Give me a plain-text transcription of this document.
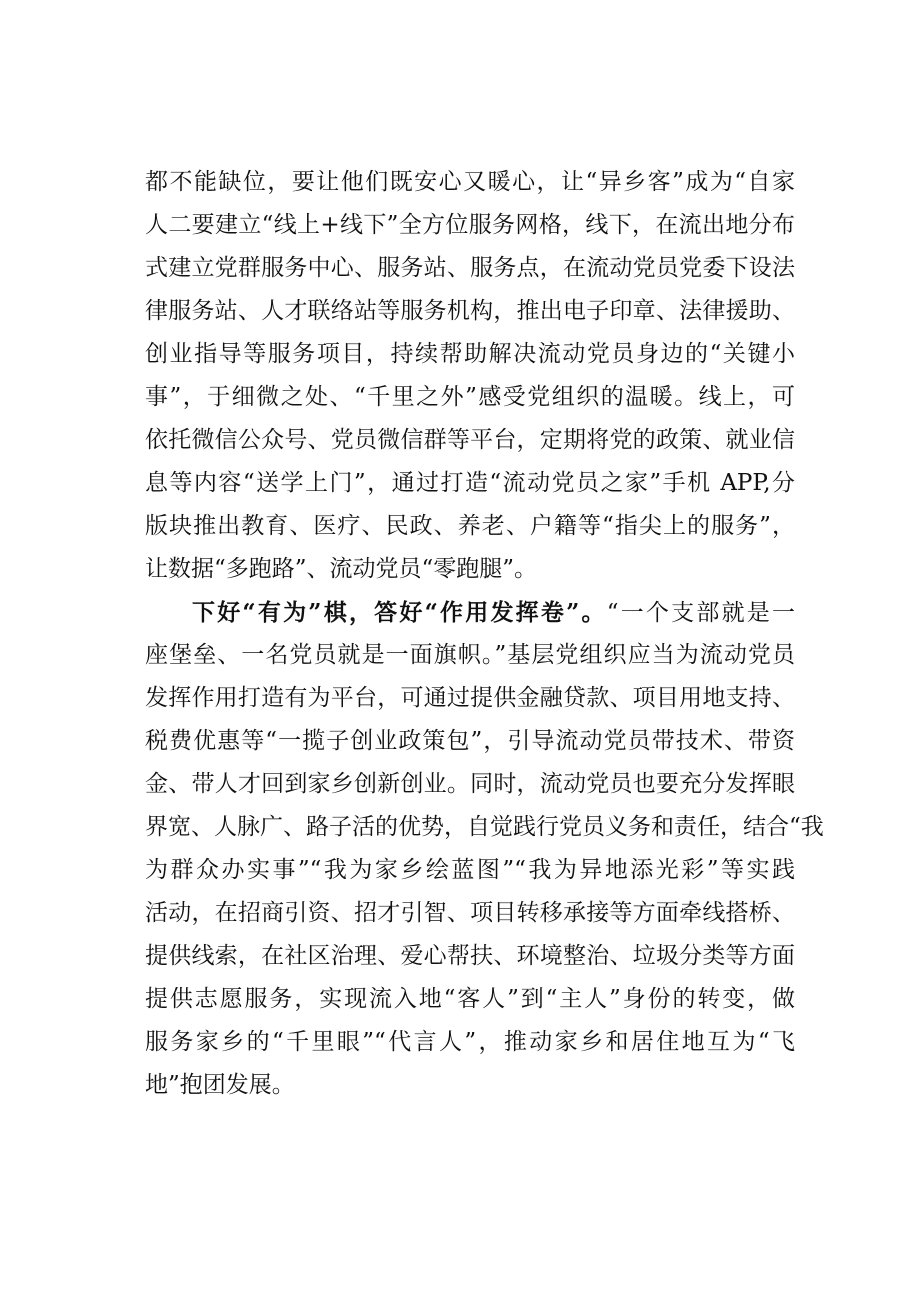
都不能缺位，要让他们既安心又暖心，让“异乡客”成为“自家
人二要建立“线上+线下”全方位服务网格，线下，在流出地分布
式建立党群服务中心、服务站、服务点，在流动党员党委下设法
律服务站、人才联络站等服务机构，推出电子印章、法律援助、
创业指导等服务项目，持续帮助解决流动党员身边的“关键小
事”，于细微之处、“千里之外”感受党组织的温暖。线上，可
依托微信公众号、党员微信群等平台，定期将党的政策、就业信
息等内容“送学上门”，通过打造“流动党员之家”手机 APP,分
版块推出教育、医疗、民政、养老、户籍等“指尖上的服务”，
让数据“多跑路”、流动党员“零跑腿”。
下好“有为”棋，答好“作用发挥卷”。“一个支部就是一
座堡垒、一名党员就是一面旗帜。”基层党组织应当为流动党员
发挥作用打造有为平台，可通过提供金融贷款、项目用地支持、
税费优惠等“一揽子创业政策包”，引导流动党员带技术、带资
金、带人才回到家乡创新创业。同时，流动党员也要充分发挥眼
界宽、人脉广、路子活的优势，自觉践行党员义务和责任，结合“我
为群众办实事”“我为家乡绘蓝图”“我为异地添光彩”等实践
活动，在招商引资、招才引智、项目转移承接等方面牵线搭桥、
提供线索，在社区治理、爱心帮扶、环境整治、垃圾分类等方面
提供志愿服务，实现流入地“客人”到“主人”身份的转变，做
服务家乡的“千里眼”“代言人”，推动家乡和居住地互为“飞
地”抱团发展。
